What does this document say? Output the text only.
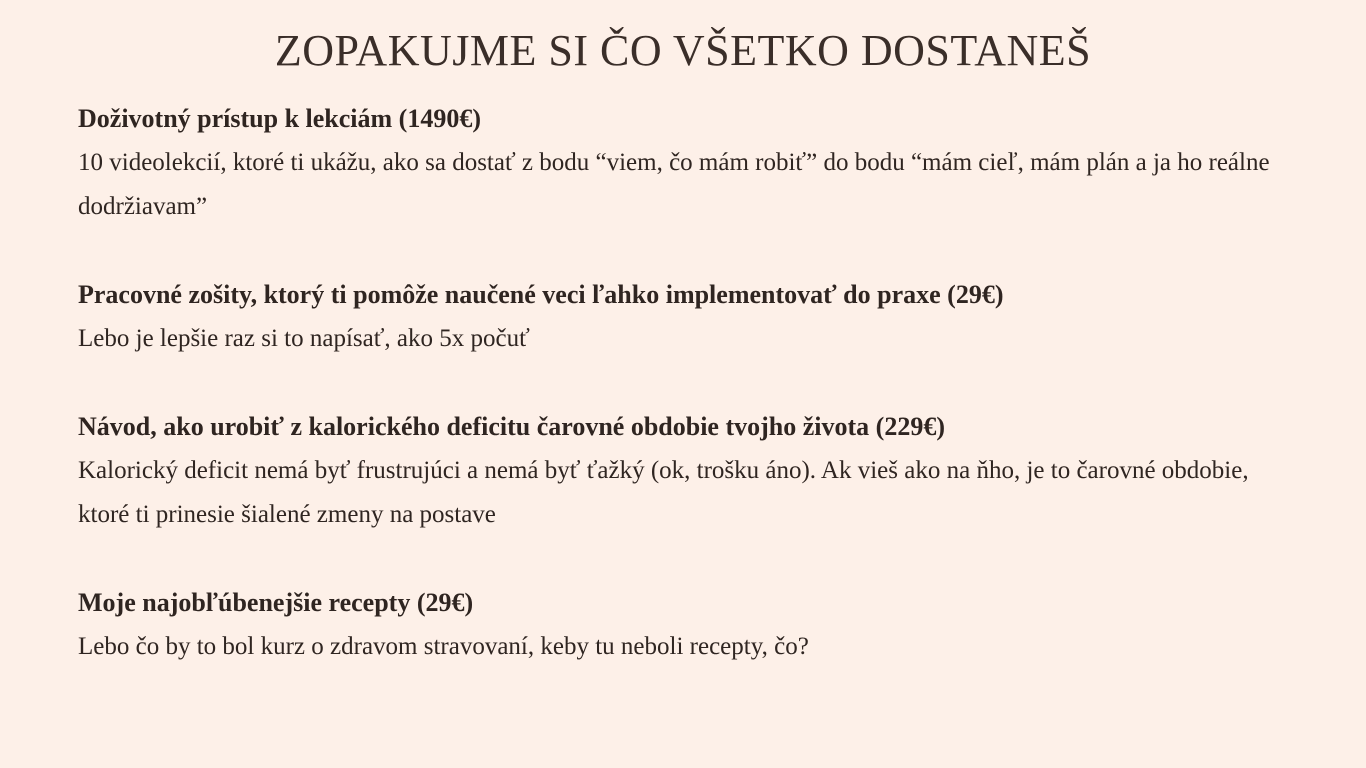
ZOPAKUJME SI ČO VŠETKO DOSTANEŠ

Doživotný prístup k lekciám (1490€)

10 videolekcií, ktoré ti ukážu, ako sa dostať z bodu “viem, čo mám robiť” do bodu “mám cieľ, mám plán a ja ho reálne dodržiavam”

Pracovné zošity, ktorý ti pomôže naučené veci ľahko implementovať do praxe (29€)

Lebo je lepšie raz si to napísať, ako 5x počuť

Návod, ako urobiť z kalorického deficitu čarovné obdobie tvojho života (229€)

Kalorický deficit nemá byť frustrujúci a nemá byť ťažký (ok, trošku áno). Ak vieš ako na ňho, je to čarovné obdobie, ktoré ti prinesie šialené zmeny na postave

Moje najobľúbenejšie recepty (29€)

Lebo čo by to bol kurz o zdravom stravovaní, keby tu neboli recepty, čo?
